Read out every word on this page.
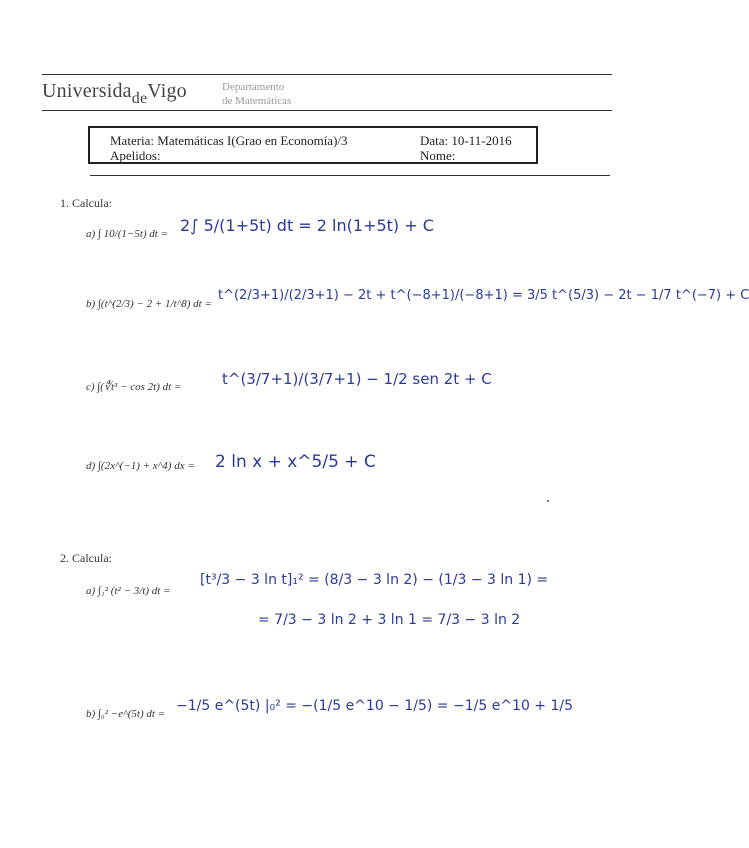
Universida$_{de}$Vigo	Departamento
de Matemáticas
Materia: Matemáticas I(Grao en Economía)/3
Apelidos:
Data: 10-11-2016
Nome:
1. Calcula:
a) ∫ 10/(1−5t) dt = 2∫ 5/(1+5t) dt = 2 ln(1+5t) + C
b) ∫(t^(2/3) − 2 + 1/t^8) dt =
t^(2/3+1)/(2/3+1) − 2t + t^(−8+1)/(−8+1) = 3/5 t^(5/3) − 2t − 1/7 t^(−7) + C
c) ∫(∜t³ − cos 2t) dt =	t^(3/7+1)/(3/7+1) − 1/2 sen 2t + C
d) ∫(2x^(−1) + x^4) dx = 2 ln x + x^5/5 + C
2. Calcula:
a) ∫₁² (t² − 3/t) dt =
[t³/3 − 3 ln t]₁² = (8/3 − 3 ln 2) − (1/3 − 3 ln 1) =
= 7/3 − 3 ln 2 + 3 ln 1 = 7/3 − 3 ln 2
b) ∫₀² −e^(5t) dt = −1/5 e^(5t) |₀² = −(1/5 e^10 − 1/5) = −1/5 e^10 + 1/5
